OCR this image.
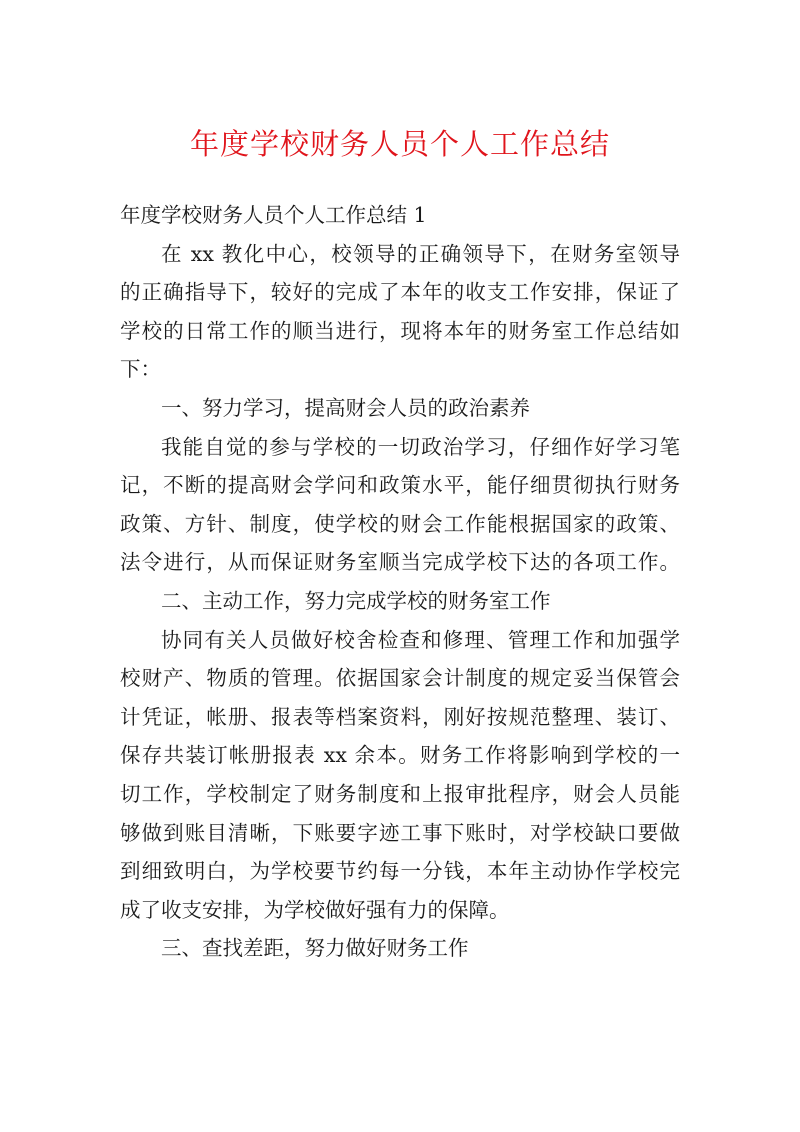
年度学校财务人员个人工作总结
年度学校财务人员个人工作总结 1
在 xx 教化中心，校领导的正确领导下，在财务室领导
的正确指导下，较好的完成了本年的收支工作安排，保证了
学校的日常工作的顺当进行，现将本年的财务室工作总结如
下：
一、努力学习，提高财会人员的政治素养
我能自觉的参与学校的一切政治学习，仔细作好学习笔
记，不断的提高财会学问和政策水平，能仔细贯彻执行财务
政策、方针、制度，使学校的财会工作能根据国家的政策、
法令进行，从而保证财务室顺当完成学校下达的各项工作。
二、主动工作，努力完成学校的财务室工作
协同有关人员做好校舍检查和修理、管理工作和加强学
校财产、物质的管理。依据国家会计制度的规定妥当保管会
计凭证，帐册、报表等档案资料，刚好按规范整理、装订、
保存共装订帐册报表 xx 余本。财务工作将影响到学校的一
切工作，学校制定了财务制度和上报审批程序，财会人员能
够做到账目清晰，下账要字迹工事下账时，对学校缺口要做
到细致明白，为学校要节约每一分钱，本年主动协作学校完
成了收支安排，为学校做好强有力的保障。
三、查找差距，努力做好财务工作
